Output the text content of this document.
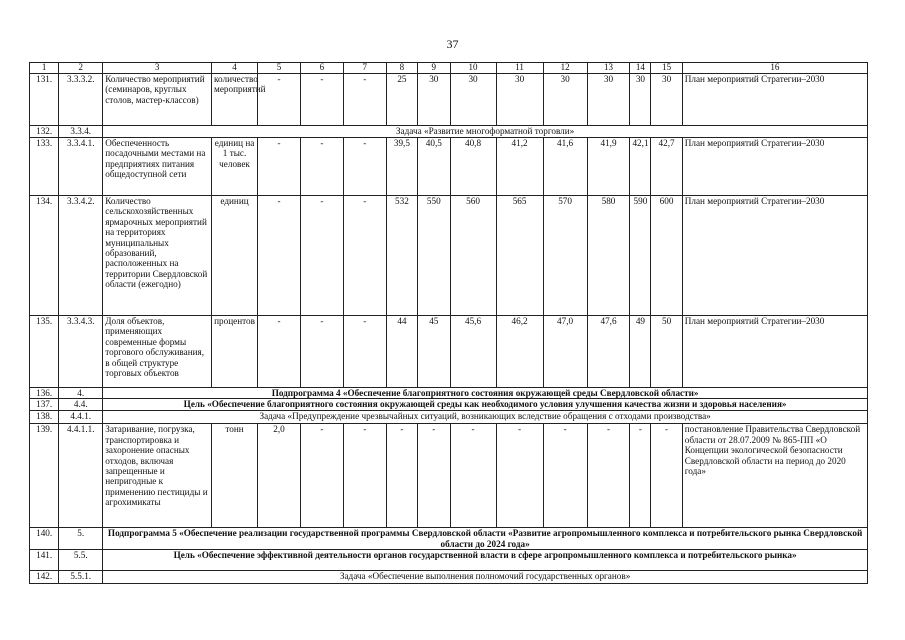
37
1	2	3	4	5	6	7	8	9	10	11	12	13	14	15	16
131.	3.3.3.2.	Количество мероприятий (семинаров, круглых столов, мастер-классов)	количество мероприятий	-	-	-	25	30	30	30	30	30	30	30	План мероприятий Стратегии–2030
132.	3.3.4.	Задача «Развитие многоформатной торговли»													
133.	3.3.4.1.	Обеспеченность посадочными местами на предприятиях питания общедоступной сети	единиц на 1 тыс. человек	-	-	-	39,5	40,5	40,8	41,2	41,6	41,9	42,1	42,7	План мероприятий Стратегии–2030
134.	3.3.4.2.	Количество сельскохозяйственных ярмарочных мероприятий на территориях муниципальных образований, расположенных на территории Свердловской области (ежегодно)	единиц	-	-	-	532	550	560	565	570	580	590	600	План мероприятий Стратегии–2030
135.	3.3.4.3.	Доля объектов, применяющих современные формы торгового обслуживания, в общей структуре торговых объектов	процентов	-	-	-	44	45	45,6	46,2	47,0	47,6	49	50	План мероприятий Стратегии–2030
136.	4.	Подпрограмма 4 «Обеспечение благоприятного состояния окружающей среды Свердловской области»													
137.	4.4.	Цель «Обеспечение благоприятного состояния окружающей среды как необходимого условия улучшения качества жизни и здоровья населения»													
138.	4.4.1.	Задача «Предупреждение чрезвычайных ситуаций, возникающих вследствие обращения с отходами производства»													
139.	4.4.1.1.	Затаривание, погрузка, транспортировка и захоронение опасных отходов, включая запрещенные и непригодные к применению пестициды и агрохимикаты	тонн	2,0	-	-	-	-	-	-	-	-	-	-	постановление Правительства Свердловской области от 28.07.2009 № 865-ПП «О Концепции экологической безопасности Свердловской области на период до 2020 года»
140.	5.	Подпрограмма 5 «Обеспечение реализации государственной программы Свердловской области «Развитие агропромышленного комплекса и потребительского рынка Свердловской области до 2024 года»													
141.	5.5.	Цель «Обеспечение эффективной деятельности органов государственной власти в сфере агропромышленного комплекса и потребительского рынка»													
142.	5.5.1.	Задача «Обеспечение выполнения полномочий государственных органов»													
